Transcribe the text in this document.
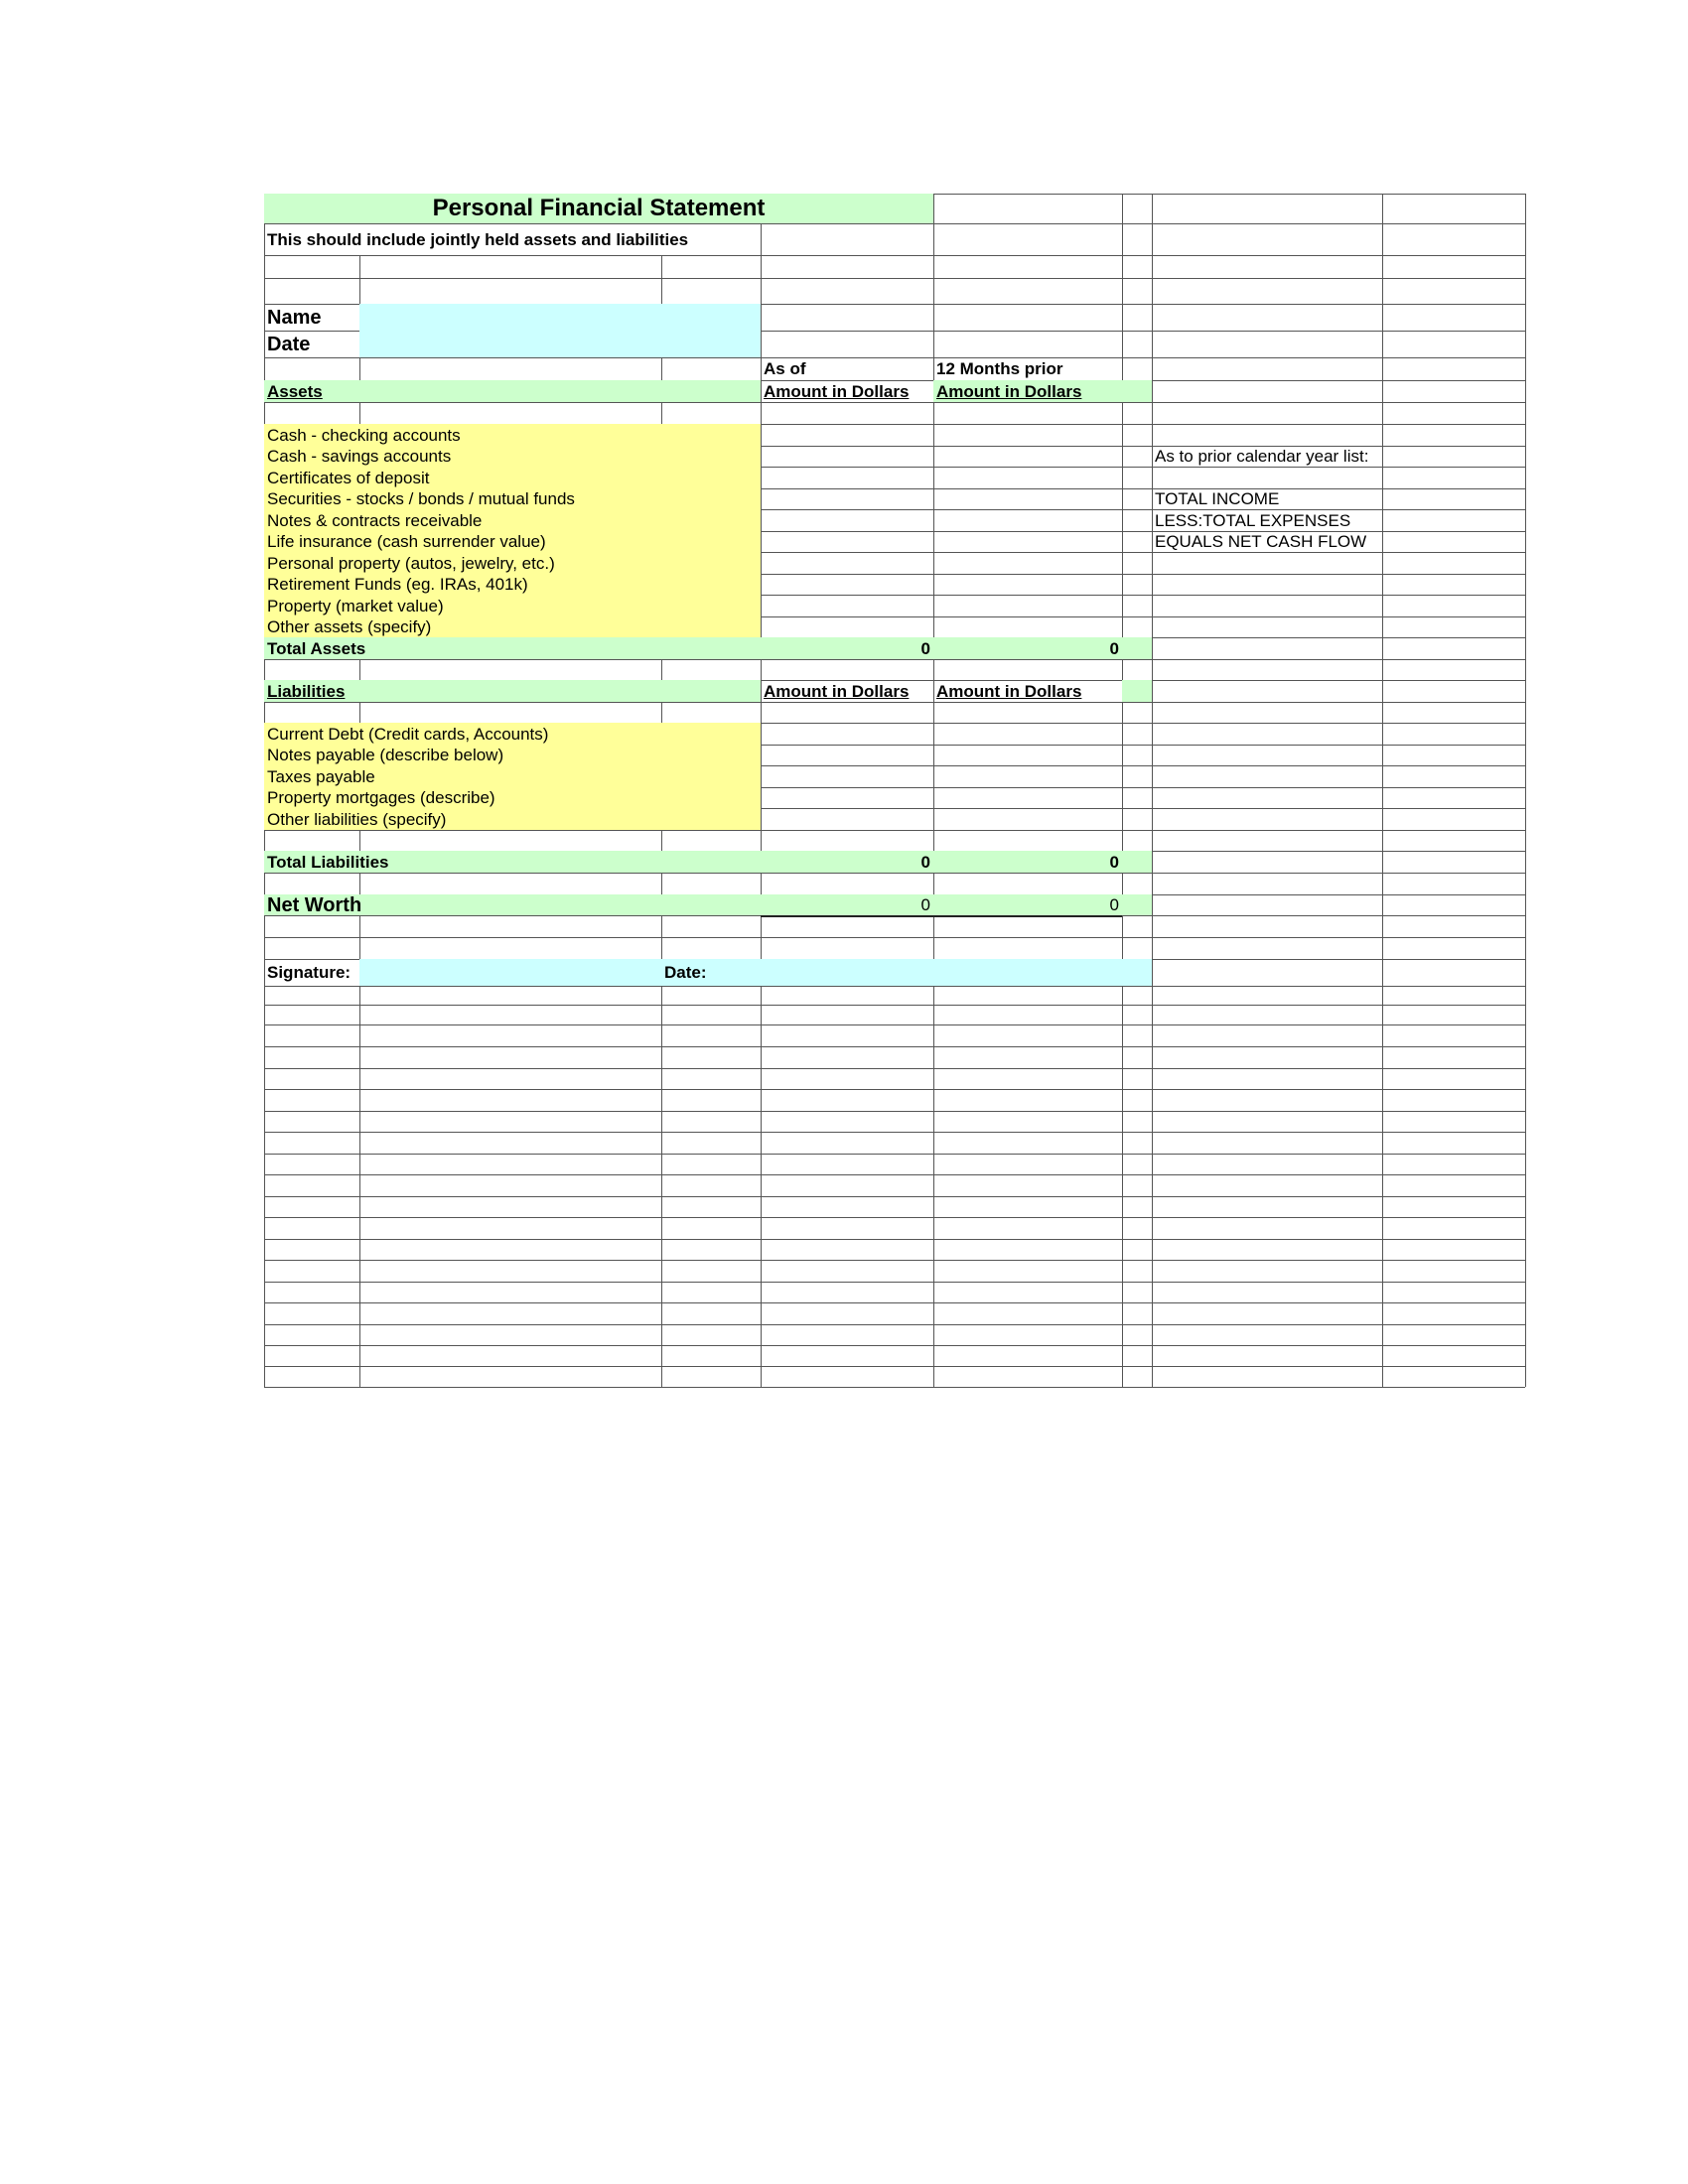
Personal Financial Statement
This should include jointly held assets and liabilities
Name
Date
As of	12 Months prior
Assets	Amount in Dollars	Amount in Dollars
Cash - checking accounts
Cash - savings accounts
Certificates of deposit
Securities - stocks / bonds / mutual funds
Notes & contracts receivable
Life insurance (cash surrender value)
Personal property (autos, jewelry, etc.)
Retirement Funds (eg. IRAs, 401k)
Property (market value)
Other assets (specify)
As to prior calendar year list:
TOTAL INCOME
LESS:TOTAL EXPENSES
EQUALS NET CASH FLOW
Total Assets	0	0
Liabilities	Amount in Dollars	Amount in Dollars
Current Debt (Credit cards, Accounts)
Notes payable (describe below)
Taxes payable
Property mortgages (describe)
Other liabilities (specify)
Total Liabilities	0	0
Net Worth	0	0
Signature:	Date:
